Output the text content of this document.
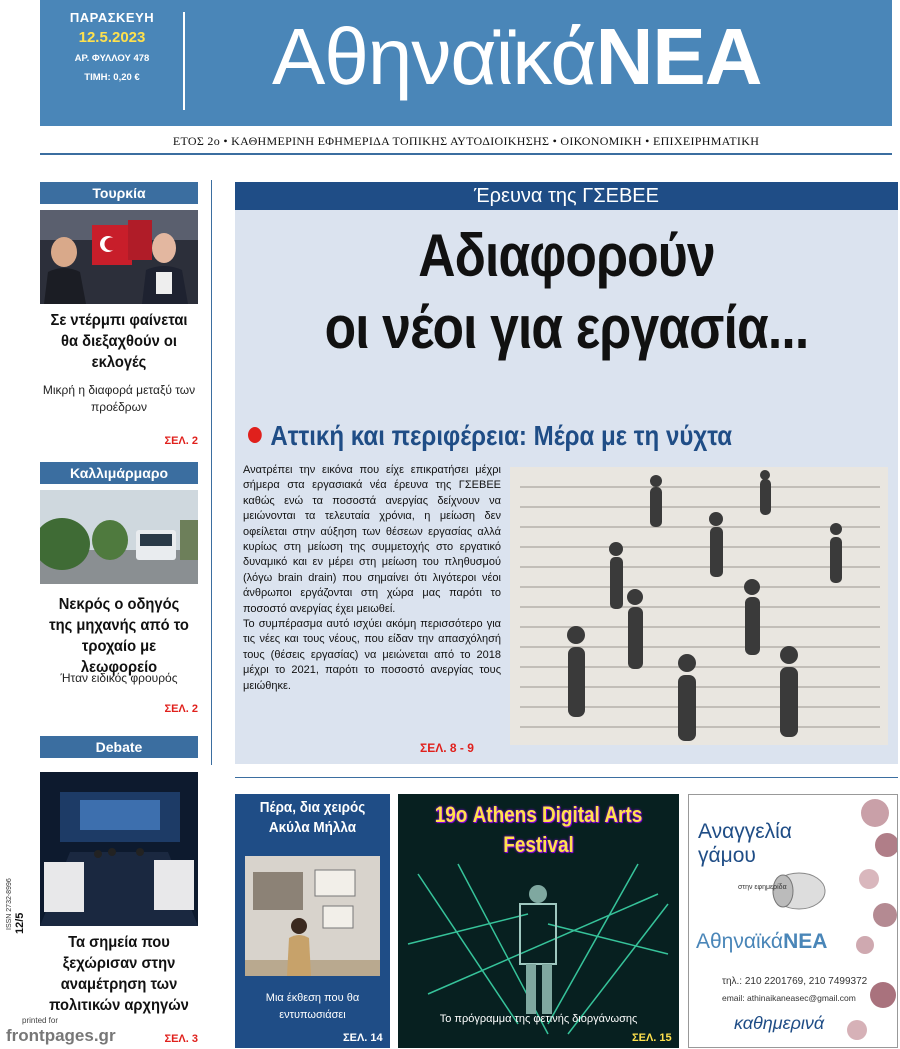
ΠΑΡΑΣΚΕΥΗ
12.5.2023
ΑΡ. ΦΥΛΛΟΥ 478
ΤΙΜΗ: 0,20 €	ΑθηναϊκάΝΕΑ
ΕΤΟΣ 2ο • ΚΑΘΗΜΕΡΙΝΗ ΕΦΗΜΕΡΙΔΑ ΤΟΠΙΚΗΣ ΑΥΤΟΔΙΟΙΚΗΣΗΣ • ΟΙΚΟΝΟΜΙΚΗ • ΕΠΙΧΕΙΡΗΜΑΤΙΚΗ
Τουρκία
Σε ντέρμπι φαίνεται θα διεξαχθούν οι εκλογές
Μικρή η διαφορά μεταξύ των προέδρων
ΣΕΛ. 2
Καλλιμάρμαρο
Νεκρός ο οδηγός της μηχανής από το τροχαίο με λεωφορείο
Ήταν ειδικός φρουρός
ΣΕΛ. 2
Debate
Τα σημεία που ξεχώρισαν στην αναμέτρηση των πολιτικών αρχηγών
ΣΕΛ. 3
Έρευνα της ΓΣΕΒΕΕ
Αδιαφορούν
οι νέοι για εργασία...
Αττική και περιφέρεια: Μέρα με τη νύχτα

Ανατρέπει την εικόνα που είχε επικρατήσει μέχρι σήμερα στα εργασιακά νέα έρευνα της ΓΣΕΒΕΕ καθώς ενώ τα ποσοστά ανεργίας δείχνουν να μειώνονται τα τελευταία χρόνια, η μείωση δεν οφείλεται στην αύξηση των θέσεων εργασίας αλλά κυρίως στη μείωση της συμμετοχής στο εργατικό δυναμικό και εν μέρει στη μείωση του πληθυσμού (λόγω brain drain) που σημαίνει ότι λιγότεροι νέοι άνθρωποι εργάζονται στη χώρα μας παρότι το ποσοστό ανεργίας έχει μειωθεί.

Το συμπέρασμα αυτό ισχύει ακόμη περισσότερο για τις νέες και τους νέους, που είδαν την απασχόλησή τους (θέσεις εργασίας) να μειώνεται από το 2018 μέχρι το 2021, παρότι το ποσοστό ανεργίας τους μειώθηκε.

ΣΕΛ. 8 - 9
Πέρα, δια χειρός Ακύλα Μήλλα
Μια έκθεση που θα εντυπωσιάσει
ΣΕΛ. 14
19ο Athens Digital Arts Festival
Το πρόγραμμα της φετινής διοργάνωσης
ΣΕΛ. 15
Αναγγελία γάμου
στην εφημερίδα
ΑθηναϊκάΝΕΑ
τηλ.: 210 2201769, 210 7499372
email: athinaikaneasec@gmail.com
καθημερινά
12/5
ISSN 2732-8996
printed for
frontpages.gr
